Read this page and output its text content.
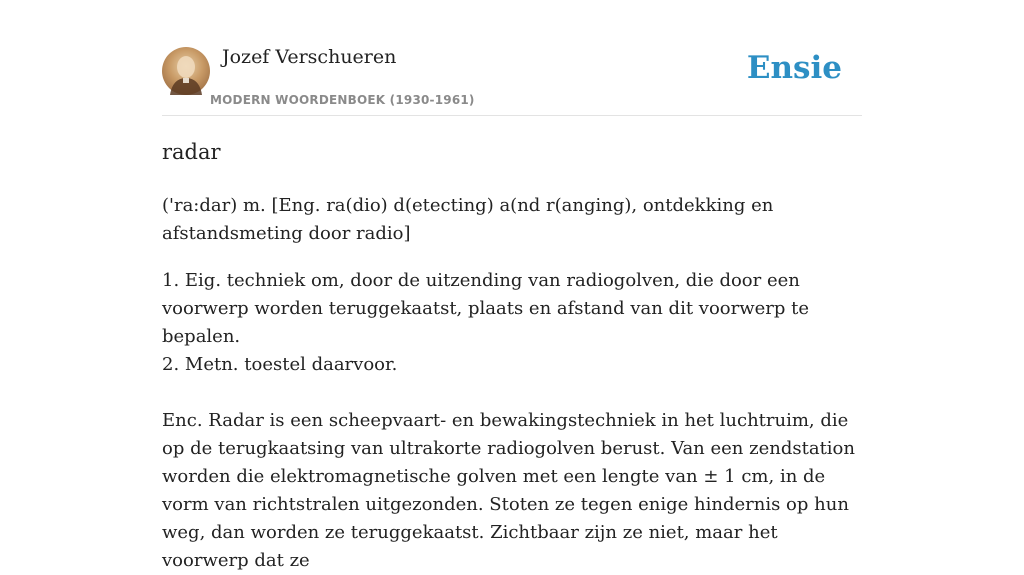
Jozef Verschueren
MODERN WOORDENBOEK (1930-1961)
Ensie
radar

('ra:dar) m. [Eng. ra(dio) d(etecting) a(nd r(anging), ontdekking en afstandsmeting door radio]

1. Eig. techniek om, door de uitzending van radiogolven, die door een voorwerp worden teruggekaatst, plaats en afstand van dit voorwerp te bepalen.

2. Metn. toestel daarvoor.

Enc. Radar is een scheepvaart- en bewakingstechniek in het luchtruim, die op de terugkaatsing van ultrakorte radiogolven berust. Van een zendstation worden die elektromagnetische golven met een lengte van ± 1 cm, in de vorm van richtstralen uitgezonden. Stoten ze tegen enige hindernis op hun weg, dan worden ze teruggekaatst. Zichtbaar zijn ze niet, maar het voorwerp dat ze
